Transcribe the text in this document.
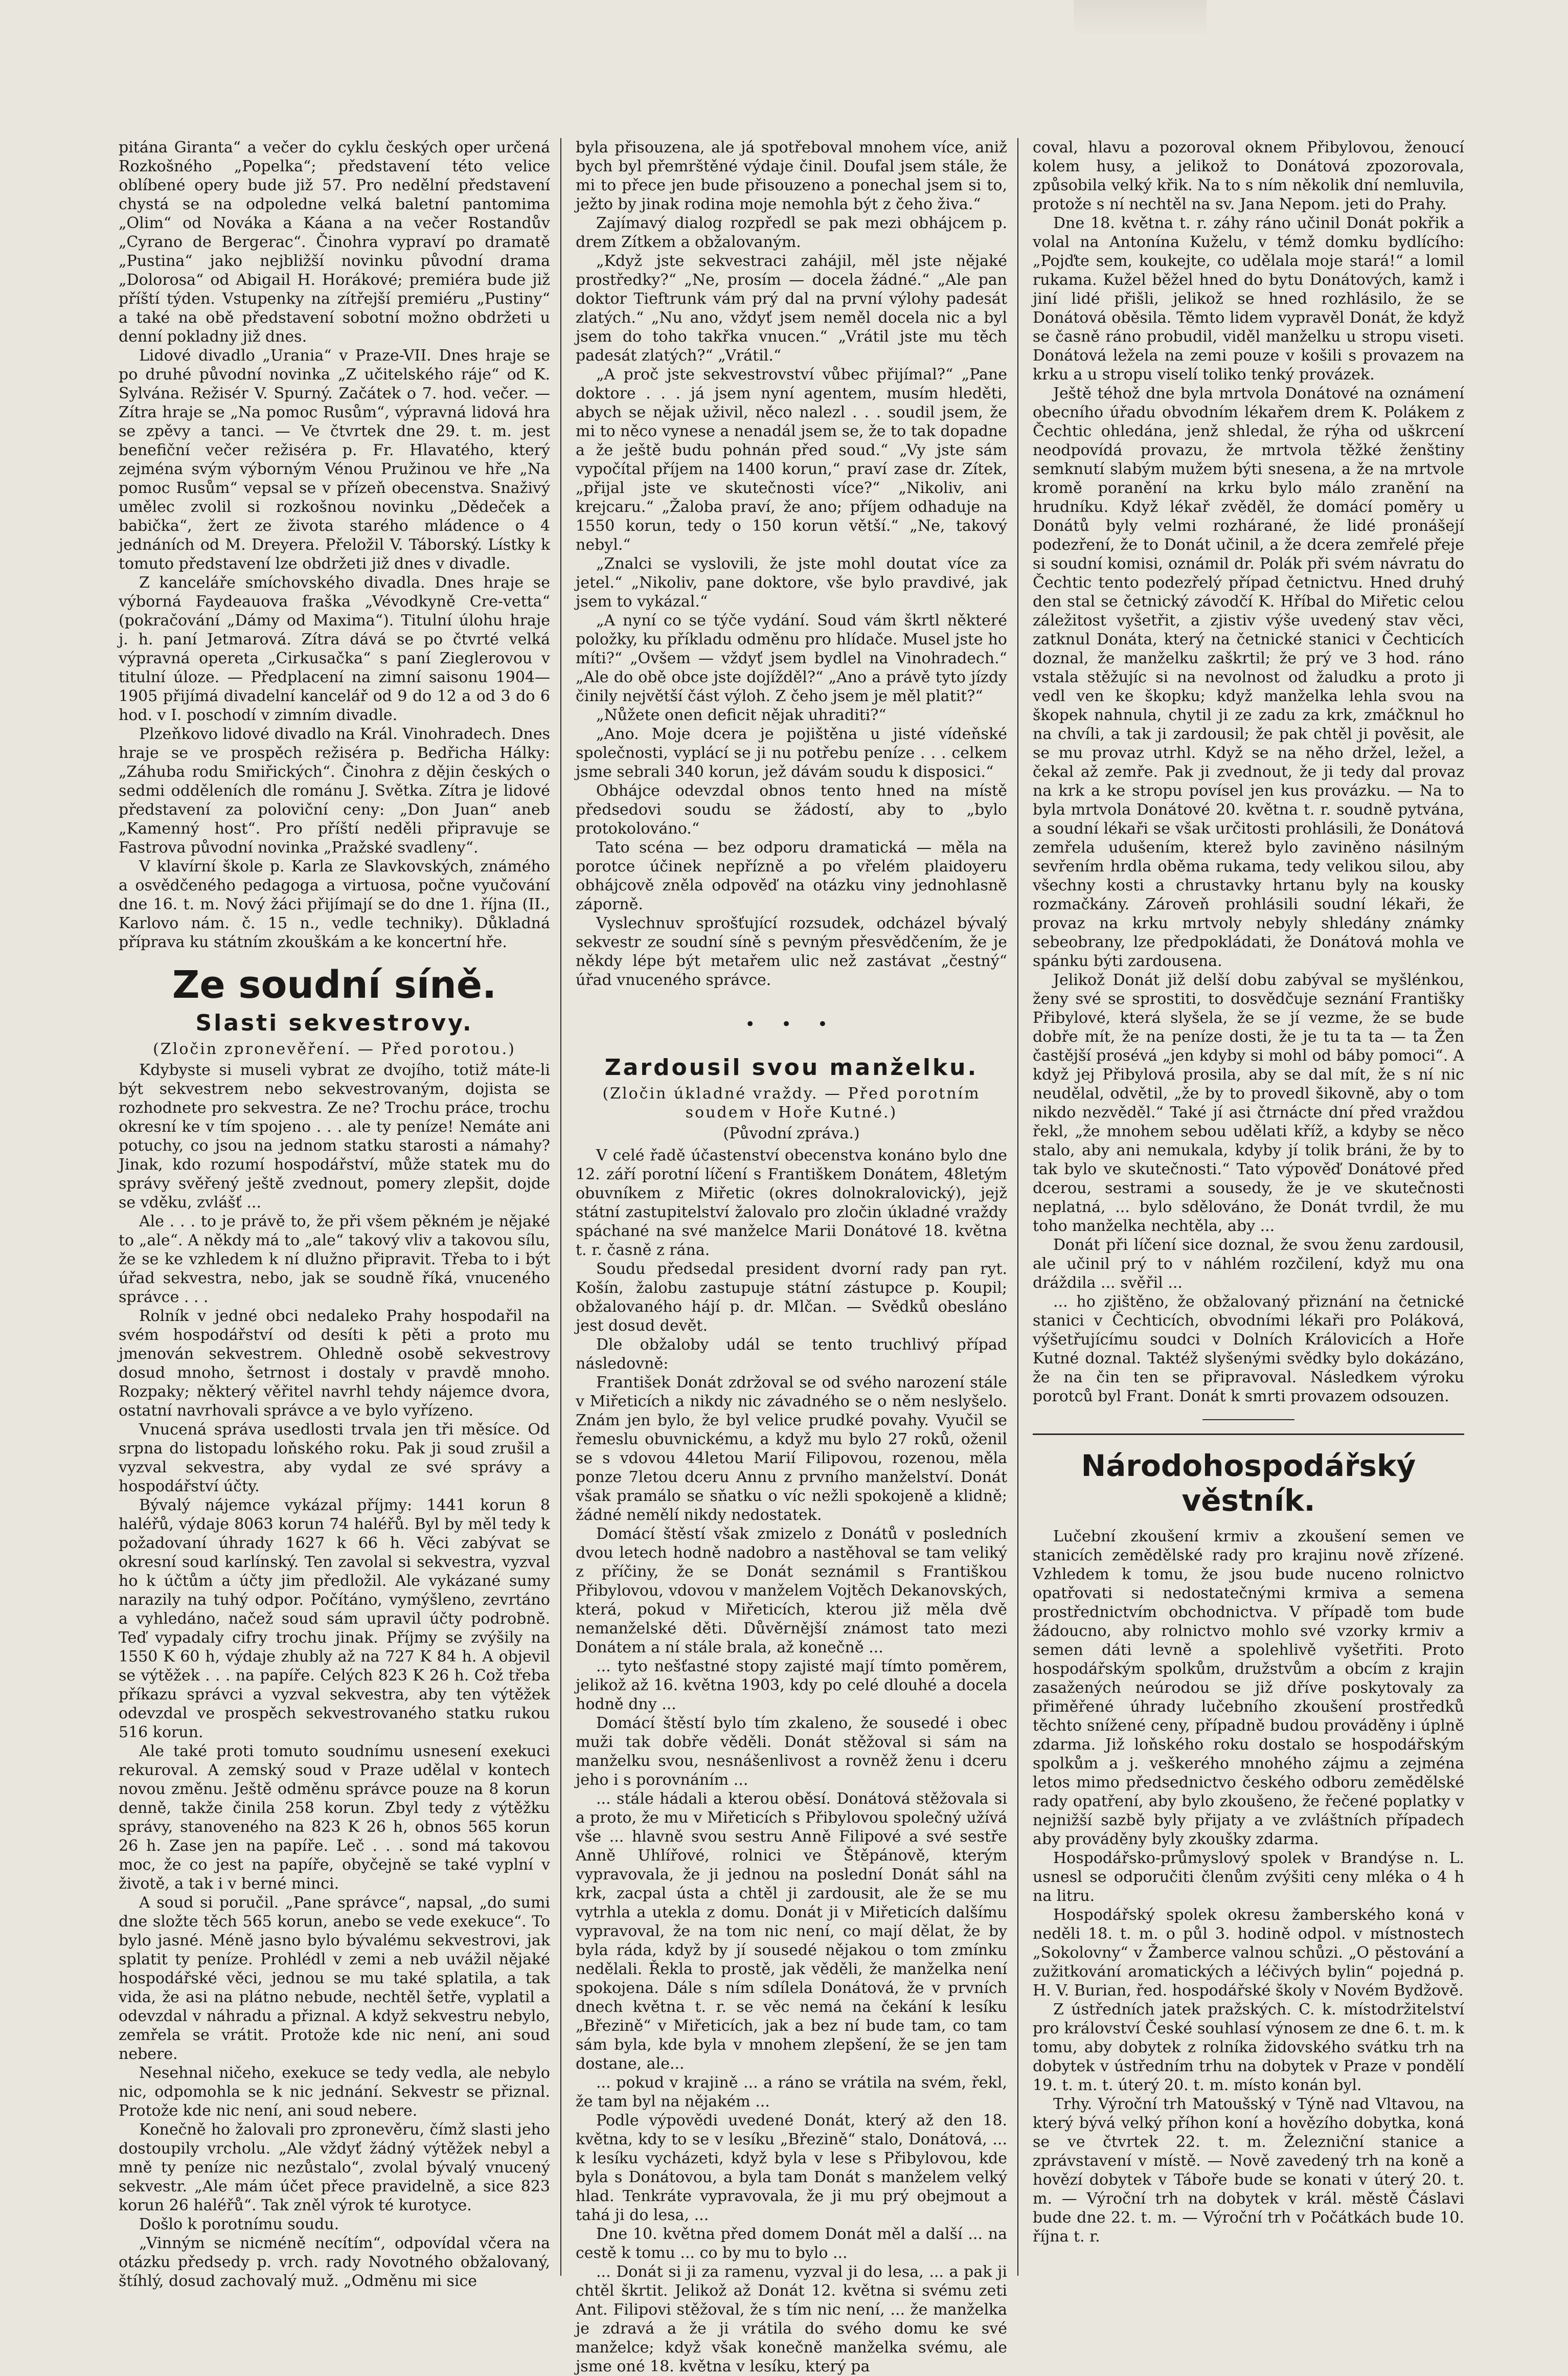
pitána Giranta“ a večer do cyklu českých oper určená Rozkošného „Popelka“; představení této velice oblíbené opery bude již 57. Pro nedělní představení chystá se na odpoledne velká baletní pantomima „Olim“ od Nováka a Káana a na večer Rostandův „Cyrano de Bergerac“. Činohra vypraví po dramatě „Pustina“ jako nejbližší novinku původní drama „Dolorosa“ od Abigail H. Horákové; premiéra bude již příští týden. Vstupenky na zítřejší premiéru „Pustiny“ a také na obě představení sobotní možno obdržeti u denní pokladny již dnes.

Lidové divadlo „Urania“ v Praze-VII. Dnes hraje se po druhé původní novinka „Z učitelského ráje“ od K. Sylvána. Režisér V. Spurný. Začátek o 7. hod. večer. — Zítra hraje se „Na pomoc Rusům“, výpravná lidová hra se zpěvy a tanci. — Ve čtvrtek dne 29. t. m. jest benefiční večer režiséra p. Fr. Hlavatého, který zejména svým výborným Vénou Pružinou ve hře „Na pomoc Rusům“ vepsal se v přízeň obecenstva. Snaživý umělec zvolil si rozkošnou novinku „Dědeček a babička“, žert ze života starého mládence o 4 jednáních od M. Dreyera. Přeložil V. Táborský. Lístky k tomuto představení lze obdržeti již dnes v divadle.

Z kanceláře smíchovského divadla. Dnes hraje se výborná Faydeauova fraška „Vévodkyně Cre-vetta“ (pokračování „Dámy od Maxima“). Titulní úlohu hraje j. h. paní Jetmarová. Zítra dává se po čtvrté velká výpravná opereta „Cirkusačka“ s paní Zieglerovou v titulní úloze. — Předplacení na zimní saisonu 1904—1905 přijímá divadelní kancelář od 9 do 12 a od 3 do 6 hod. v I. poschodí v zimním divadle.

Plzeňkovo lidové divadlo na Král. Vinohradech. Dnes hraje se ve prospěch režiséra p. Bedřicha Hálky: „Záhuba rodu Smiřických“. Činohra z dějin českých o sedmi odděleních dle románu J. Světka. Zítra je lidové představení za poloviční ceny: „Don Juan“ aneb „Kamenný host“. Pro příští neděli připravuje se Fastrova původní novinka „Pražské svadleny“.

V klavírní škole p. Karla ze Slavkovských, známého a osvědčeného pedagoga a virtuosa, počne vyučování dne 16. t. m. Nový žáci přijímají se do dne 1. října (II., Karlovo nám. č. 15 n., vedle techniky). Důkladná příprava ku státním zkouškám a ke koncertní hře.

Ze soudní síně.
Slasti sekvestrovy.
(Zločin zpronevěření. — Před porotou.)

Kdybyste si museli vybrat ze dvojího, totiž máte-li být sekvestrem nebo sekvestrovaným, dojista se rozhodnete pro sekvestra. Ze ne? Trochu práce, trochu okresní ke v tím spojeno . . . ale ty peníze! Nemáte ani potuchy, co jsou na jednom statku starosti a námahy? Jinak, kdo rozumí hospodářství, může statek mu do správy svěřený ještě zvednout, pomery zlepšit, dojde se vděku, zvlášť ...

Ale . . . to je právě to, že při všem pěkném je nějaké to „ale“. A někdy má to „ale“ takový vliv a takovou sílu, že se ke vzhledem k ní dlužno připravit. Třeba to i být úřad sekvestra, nebo, jak se soudně říká, vnuceného správce . . .

Rolník v jedné obci nedaleko Prahy hospodařil na svém hospodářství od desíti k pěti a proto mu jmenován sekvestrem. Ohledně osobě sekvestrovy dosud mnoho, šetrnost i dostaly v pravdě mnoho. Rozpaky; některý věřitel navrhl tehdy nájemce dvora, ostatní navrhovali správce a ve bylo vyřízeno.

Vnucená správa usedlosti trvala jen tři měsíce. Od srpna do listopadu loňského roku. Pak ji soud zrušil a vyzval sekvestra, aby vydal ze své správy a hospodářství účty.

Bývalý nájemce vykázal příjmy: 1441 korun 8 haléřů, výdaje 8063 korun 74 haléřů. Byl by měl tedy k požadovaní úhrady 1627 k 66 h. Věci zabývat se okresní soud karlínský. Ten zavolal si sekvestra, vyzval ho k účtům a účty jim předložil. Ale vykázané sumy narazily na tuhý odpor. Počítáno, vymýšleno, zevrtáno a vyhledáno, načež soud sám upravil účty podrobně. Teď vypadaly cifry trochu jinak. Příjmy se zvýšily na 1550 K 60 h, výdaje zhubly až na 727 K 84 h. A objevil se výtěžek . . . na papíře. Celých 823 K 26 h. Což třeba příkazu správci a vyzval sekvestra, aby ten výtěžek odevzdal ve prospěch sekvestrovaného statku rukou 516 korun.

Ale také proti tomuto soudnímu usnesení exekuci rekuroval. A zemský soud v Praze udělal v kontech novou změnu. Ještě odměnu správce pouze na 8 korun denně, takže činila 258 korun. Zbyl tedy z výtěžku správy, stanoveného na 823 K 26 h, obnos 565 korun 26 h. Zase jen na papíře. Leč . . . sond má takovou moc, že co jest na papíře, obyčejně se také vyplní v životě, a tak i v berné minci.

A soud si poručil. „Pane správce“, napsal, „do sumi dne složte těch 565 korun, anebo se vede exekuce“. To bylo jasné. Méně jasno bylo bývalému sekvestrovi, jak splatit ty peníze. Prohlédl v zemi a neb uvážil nějaké hospodářské věci, jednou se mu také splatila, a tak vida, že asi na plátno nebude, nechtěl šetře, vyplatil a odevzdal v náhradu a přiznal. A když sekvestru nebylo, zemřela se vrátit. Protože kde nic není, ani soud nebere.

Nesehnal ničeho, exekuce se tedy vedla, ale nebylo nic, odpomohla se k nic jednání. Sekvestr se přiznal. Protože kde nic není, ani soud nebere.

Konečně ho žalovali pro zpronevěru, čímž slasti jeho dostoupily vrcholu. „Ale vždyť žádný výtěžek nebyl a mně ty peníze nic nezůstalo“, zvolal bývalý vnucený sekvestr. „Ale mám účet přece pravidelně, a sice 823 korun 26 haléřů“. Tak zněl výrok té kurotyce.

Došlo k porotnímu soudu.

„Vinným se nicméně necítím“, odpovídal včera na otázku předsedy p. vrch. rady Novotného obžalovaný, štíhlý, dosud zachovalý muž. „Odměnu mi sice

byla přisouzena, ale já spotřeboval mnohem více, aniž bych byl přemrštěné výdaje činil. Doufal jsem stále, že mi to přece jen bude přisouzeno a ponechal jsem si to, ježto by jinak rodina moje nemohla být z čeho živa.“

Zajímavý dialog rozpředl se pak mezi obhájcem p. drem Zítkem a obžalovaným.

„Když jste sekvestraci zahájil, měl jste nějaké prostředky?“ „Ne, prosím — docela žádné.“ „Ale pan doktor Tieftrunk vám prý dal na první výlohy padesát zlatých.“ „Nu ano, vždyť jsem neměl docela nic a byl jsem do toho takřka vnucen.“ „Vrátil jste mu těch padesát zlatých?“ „Vrátil.“

„A proč jste sekvestrovství vůbec přijímal?“ „Pane doktore . . . já jsem nyní agentem, musím hleděti, abych se nějak uživil, něco nalezl . . . soudil jsem, že mi to něco vynese a nenadál jsem se, že to tak dopadne a že ještě budu pohnán před soud.“ „Vy jste sám vypočítal příjem na 1400 korun,“ praví zase dr. Zítek, „přijal jste ve skutečnosti více?“ „Nikoliv, ani krejcaru.“ „Žaloba praví, že ano; příjem odhaduje na 1550 korun, tedy o 150 korun větší.“ „Ne, takový nebyl.“

„Znalci se vyslovili, že jste mohl doutat více za jetel.“ „Nikoliv, pane doktore, vše bylo pravdivé, jak jsem to vykázal.“

„A nyní co se týče vydání. Soud vám škrtl některé položky, ku příkladu odměnu pro hlídače. Musel jste ho míti?“ „Ovšem — vždyť jsem bydlel na Vinohradech.“ „Ale do obě obce jste dojížděl?“ „Ano a právě tyto jízdy činily největší část výloh. Z čeho jsem je měl platit?“

„Nůžete onen deficit nějak uhraditi?“

„Ano. Moje dcera je pojištěna u jisté vídeňské společnosti, vyplácí se ji nu potřebu peníze . . . celkem jsme sebrali 340 korun, jež dávám soudu k disposici.“

Obhájce odevzdal obnos tento hned na místě předsedovi soudu se žádostí, aby to „bylo protokolováno.“

Tato scéna — bez odporu dramatická — měla na porotce účinek nepřízně a po vřelém plaidoyeru obhájcově zněla odpověď na otázku viny jednohlasně záporně.

Vyslechnuv sprošťující rozsudek, odcházel bývalý sekvestr ze soudní síně s pevným přesvědčením, že je někdy lépe být metařem ulic než zastávat „čestný“ úřad vnuceného správce.

• • •
Zardousil svou manželku.
(Zločin úkladné vraždy. — Před porotním soudem v Hoře Kutné.)
(Původní zpráva.)

V celé řadě účastenství obecenstva konáno bylo dne 12. září porotní líčení s Františkem Donátem, 48letým obuvníkem z Miřetic (okres dolnokralovický), jejž státní zastupitelství žalovalo pro zločin úkladné vraždy spáchané na své manželce Marii Donátové 18. května t. r. časně z rána.

Soudu předsedal president dvorní rady pan ryt. Košín, žalobu zastupuje státní zástupce p. Koupil; obžalovaného hájí p. dr. Mlčan. — Svědků obesláno jest dosud devět.

Dle obžaloby udál se tento truchlivý případ následovně:

František Donát zdržoval se od svého narození stále v Miřeticích a nikdy nic závadného se o něm neslyšelo. Znám jen bylo, že byl velice prudké povahy. Vyučil se řemeslu obuvnickému, a když mu bylo 27 roků, oženil se s vdovou 44letou Marií Filipovou, rozenou, měla ponze 7letou dceru Annu z prvního manželství. Donát však pramálo se sňatku o víc nežli spokojeně a klidně; žádné nemělí nikdy nedostatek.

Domácí štěstí však zmizelo z Donátů v posledních dvou letech hodně nadobro a nastěhoval se tam veliký z příčiny, že se Donát seznámil s Františkou Přibylovou, vdovou v manželem Vojtěch Dekanovských, která, pokud v Miřeticích, kterou již měla dvě nemanželské děti. Důvěrnější známost tato mezi Donátem a ní stále brala, až konečně ...

... tyto nešťastné stopy zajisté mají tímto poměrem, jelikož až 16. května 1903, kdy po celé dlouhé a docela hodně dny ...

Domácí štěstí bylo tím zkaleno, že sousedé i obec muži tak dobře věděli. Donát stěžoval si sám na manželku svou, nesnášenlivost a rovněž ženu i dceru jeho i s porovnáním ...

... stále hádali a kterou oběsí. Donátová stěžovala si a proto, že mu v Miřeticích s Přibylovou společný užívá vše ... hlavně svou sestru Anně Filipové a své sestře Anně Uhlířové, rolnici ve Štěpánově, kterým vypravovala, že ji jednou na poslední Donát sáhl na krk, zacpal ústa a chtěl ji zardousit, ale že se mu vytrhla a utekla z domu. Donát ji v Miřeticích dalšímu vypravoval, že na tom nic není, co mají dělat, že by byla ráda, když by jí sousedé nějakou o tom zmínku nedělali. Řekla to prostě, jak věděli, že manželka není spokojena. Dále s ním sdílela Donátová, že v prvních dnech května t. r. se věc nemá na čekání k lesíku „Březině“ v Miřeticích, jak a bez ní bude tam, co tam sám byla, kde byla v mnohem zlepšení, že se jen tam dostane, ale...

... pokud v krajině ... a ráno se vrátila na svém, řekl, že tam byl na nějakém ...

Podle výpovědi uvedené Donát, který až den 18. května, kdy to se v lesíku „Březině“ stalo, Donátová, ... k lesíku vycházeti, když byla v lese s Přibylovou, kde byla s Donátovou, a byla tam Donát s manželem velký hlad. Tenkráte vypravovala, že ji mu prý obejmout a tahá ji do lesa, ...

Dne 10. května před domem Donát měl a další ... na cestě k tomu ... co by mu to bylo ...

... Donát si ji za ramenu, vyzval ji do lesa, ... a pak ji chtěl škrtit. Jelikož až Donát 12. května si svému zeti Ant. Filipovi stěžoval, že s tím nic není, ... že manželka je zdravá a že ji vrátila do svého domu ke své manželce; když však konečně manželka svému, ale jsme oné 18. května v lesíku, který pa

coval, hlavu a pozoroval oknem Přibylovou, ženoucí kolem husy, a jelikož to Donátová zpozorovala, způsobila velký křik. Na to s ním několik dní nemluvila, protože s ní nechtěl na sv. Jana Nepom. jeti do Prahy.

Dne 18. května t. r. záhy ráno učinil Donát pokřik a volal na Antonína Kuželu, v témž domku bydlícího: „Pojďte sem, koukejte, co udělala moje stará!“ a lomil rukama. Kužel běžel hned do bytu Donátových, kamž i jiní lidé přišli, jelikož se hned rozhlásilo, že se Donátová oběsila. Těmto lidem vypravěl Donát, že když se časně ráno probudil, viděl manželku u stropu viseti. Donátová ležela na zemi pouze v košili s provazem na krku a u stropu viselí toliko tenký provázek.

Ještě téhož dne byla mrtvola Donátové na oznámení obecního úřadu obvodním lékařem drem K. Polákem z Čechtic ohledána, jenž shledal, že rýha od uškrcení neodpovídá provazu, že mrtvola těžké ženštiny semknutí slabým mužem býti snesena, a že na mrtvole kromě poranění na krku bylo málo zranění na hrudníku. Když lékař zvěděl, že domácí poměry u Donátů byly velmi rozhárané, že lidé pronášejí podezření, že to Donát učinil, a že dcera zemřelé přeje si soudní komisi, oznámil dr. Polák při svém návratu do Čechtic tento podezřelý případ četnictvu. Hned druhý den stal se četnický závodčí K. Hříbal do Miřetic celou záležitost vyšetřit, a zjistiv výše uvedený stav věci, zatknul Donáta, který na četnické stanici v Čechticích doznal, že manželku zaškrtil; že prý ve 3 hod. ráno vstala stěžujíc si na nevolnost od žaludku a proto ji vedl ven ke škopku; když manželka lehla svou na škopek nahnula, chytil ji ze zadu za krk, zmáčknul ho na chvíli, a tak ji zardousil; že pak chtěl ji pověsit, ale se mu provaz utrhl. Když se na něho držel, ležel, a čekal až zemře. Pak ji zvednout, že ji tedy dal provaz na krk a ke stropu povísel jen kus provázku. — Na to byla mrtvola Donátové 20. května t. r. soudně pytvána, a soudní lékaři se však určitosti prohlásili, že Donátová zemřela udušením, kterež bylo zaviněno násilným sevřením hrdla oběma rukama, tedy velikou silou, aby všechny kosti a chrustavky hrtanu byly na kousky rozmačkány. Zároveň prohlásili soudní lékaři, že provaz na krku mrtvoly nebyly shledány známky sebeobrany, lze předpokládati, že Donátová mohla ve spánku býti zardousena.

Jelikož Donát již delší dobu zabýval se myšlénkou, ženy své se sprostiti, to dosvědčuje seznání Františky Přibylové, která slyšela, že se jí vezme, že se bude dobře mít, že na peníze dosti, že je tu ta ta — ta Žen častější prosévá „jen kdyby si mohl od báby pomoci“. A když jej Přibylová prosila, aby se dal mít, že s ní nic neudělal, odvětil, „že by to provedl šikovně, aby o tom nikdo nezvěděl.“ Také jí asi čtrnácte dní před vraždou řekl, „že mnohem sebou udělati kříž, a kdyby se něco stalo, aby ani nemukala, kdyby jí tolik bráni, že by to tak bylo ve skutečnosti.“ Tato výpověď Donátové před dcerou, sestrami a sousedy, že je ve skutečnosti neplatná, ... bylo sdělováno, že Donát tvrdil, že mu toho manželka nechtěla, aby ...

Donát při líčení sice doznal, že svou ženu zardousil, ale učinil prý to v náhlém rozčilení, když mu ona dráždila ... svěřil ...

... ho zjištěno, že obžalovaný přiznání na četnické stanici v Čechticích, obvodními lékaři pro Poláková, výšetřujícímu soudci v Dolních Královicích a Hoře Kutné doznal. Taktéž slyšenými svědky bylo dokázáno, že na čin ten se připravoval. Následkem výroku porotců byl Frant. Donát k smrti provazem odsouzen.

Národohospodářský věstník.

Lučební zkoušení krmiv a zkoušení semen ve stanicích zemědělské rady pro krajinu nově zřízené. Vzhledem k tomu, že jsou bude nuceno rolnictvo opatřovati si nedostatečnými krmiva a semena prostřednictvím obchodnictva. V případě tom bude žádoucno, aby rolnictvo mohlo své vzorky krmiv a semen dáti levně a spolehlivě vyšetřiti. Proto hospodářským spolkům, družstvům a obcím z krajin zasažených neúrodou se již dříve poskytovaly za přiměřené úhrady lučebního zkoušení prostředků těchto snížené ceny, případně budou prováděny i úplně zdarma. Již loňského roku dostalo se hospodářským spolkům a j. veškerého mnohého zájmu a zejména letos mimo předsednictvo českého odboru zemědělské rady opatření, aby bylo zkoušeno, že řečené poplatky v nejnižší sazbě byly přijaty a ve zvláštních případech aby prováděny byly zkoušky zdarma.

Hospodářsko-průmyslový spolek v Brandýse n. L. usnesl se odporučiti členům zvýšiti ceny mléka o 4 h na litru.

Hospodářský spolek okresu žamberského koná v neděli 18. t. m. o půl 3. hodině odpol. v místnostech „Sokolovny“ v Žamberce valnou schůzi. „O pěstování a zužitkování aromatických a léčivých bylin“ pojedná p. H. V. Burian, řed. hospodářské školy v Novém Bydžově.

Z ústředních jatek pražských. C. k. místodržitelství pro království České souhlasí výnosem ze dne 6. t. m. k tomu, aby dobytek z rolníka židovského svátku trh na dobytek v ústředním trhu na dobytek v Praze v pondělí 19. t. m. t. úterý 20. t. m. místo konán byl.

Trhy. Výroční trh Matoušský v Týně nad Vltavou, na který bývá velký příhon koní a hovězího dobytka, koná se ve čtvrtek 22. t. m. Železniční stanice a zprávstavení v místě. — Nově zavedený trh na koně a hovězí dobytek v Táboře bude se konati v úterý 20. t. m. — Výroční trh na dobytek v král. městě Čáslavi bude dne 22. t. m. — Výroční trh v Počátkách bude 10. října t. r.
